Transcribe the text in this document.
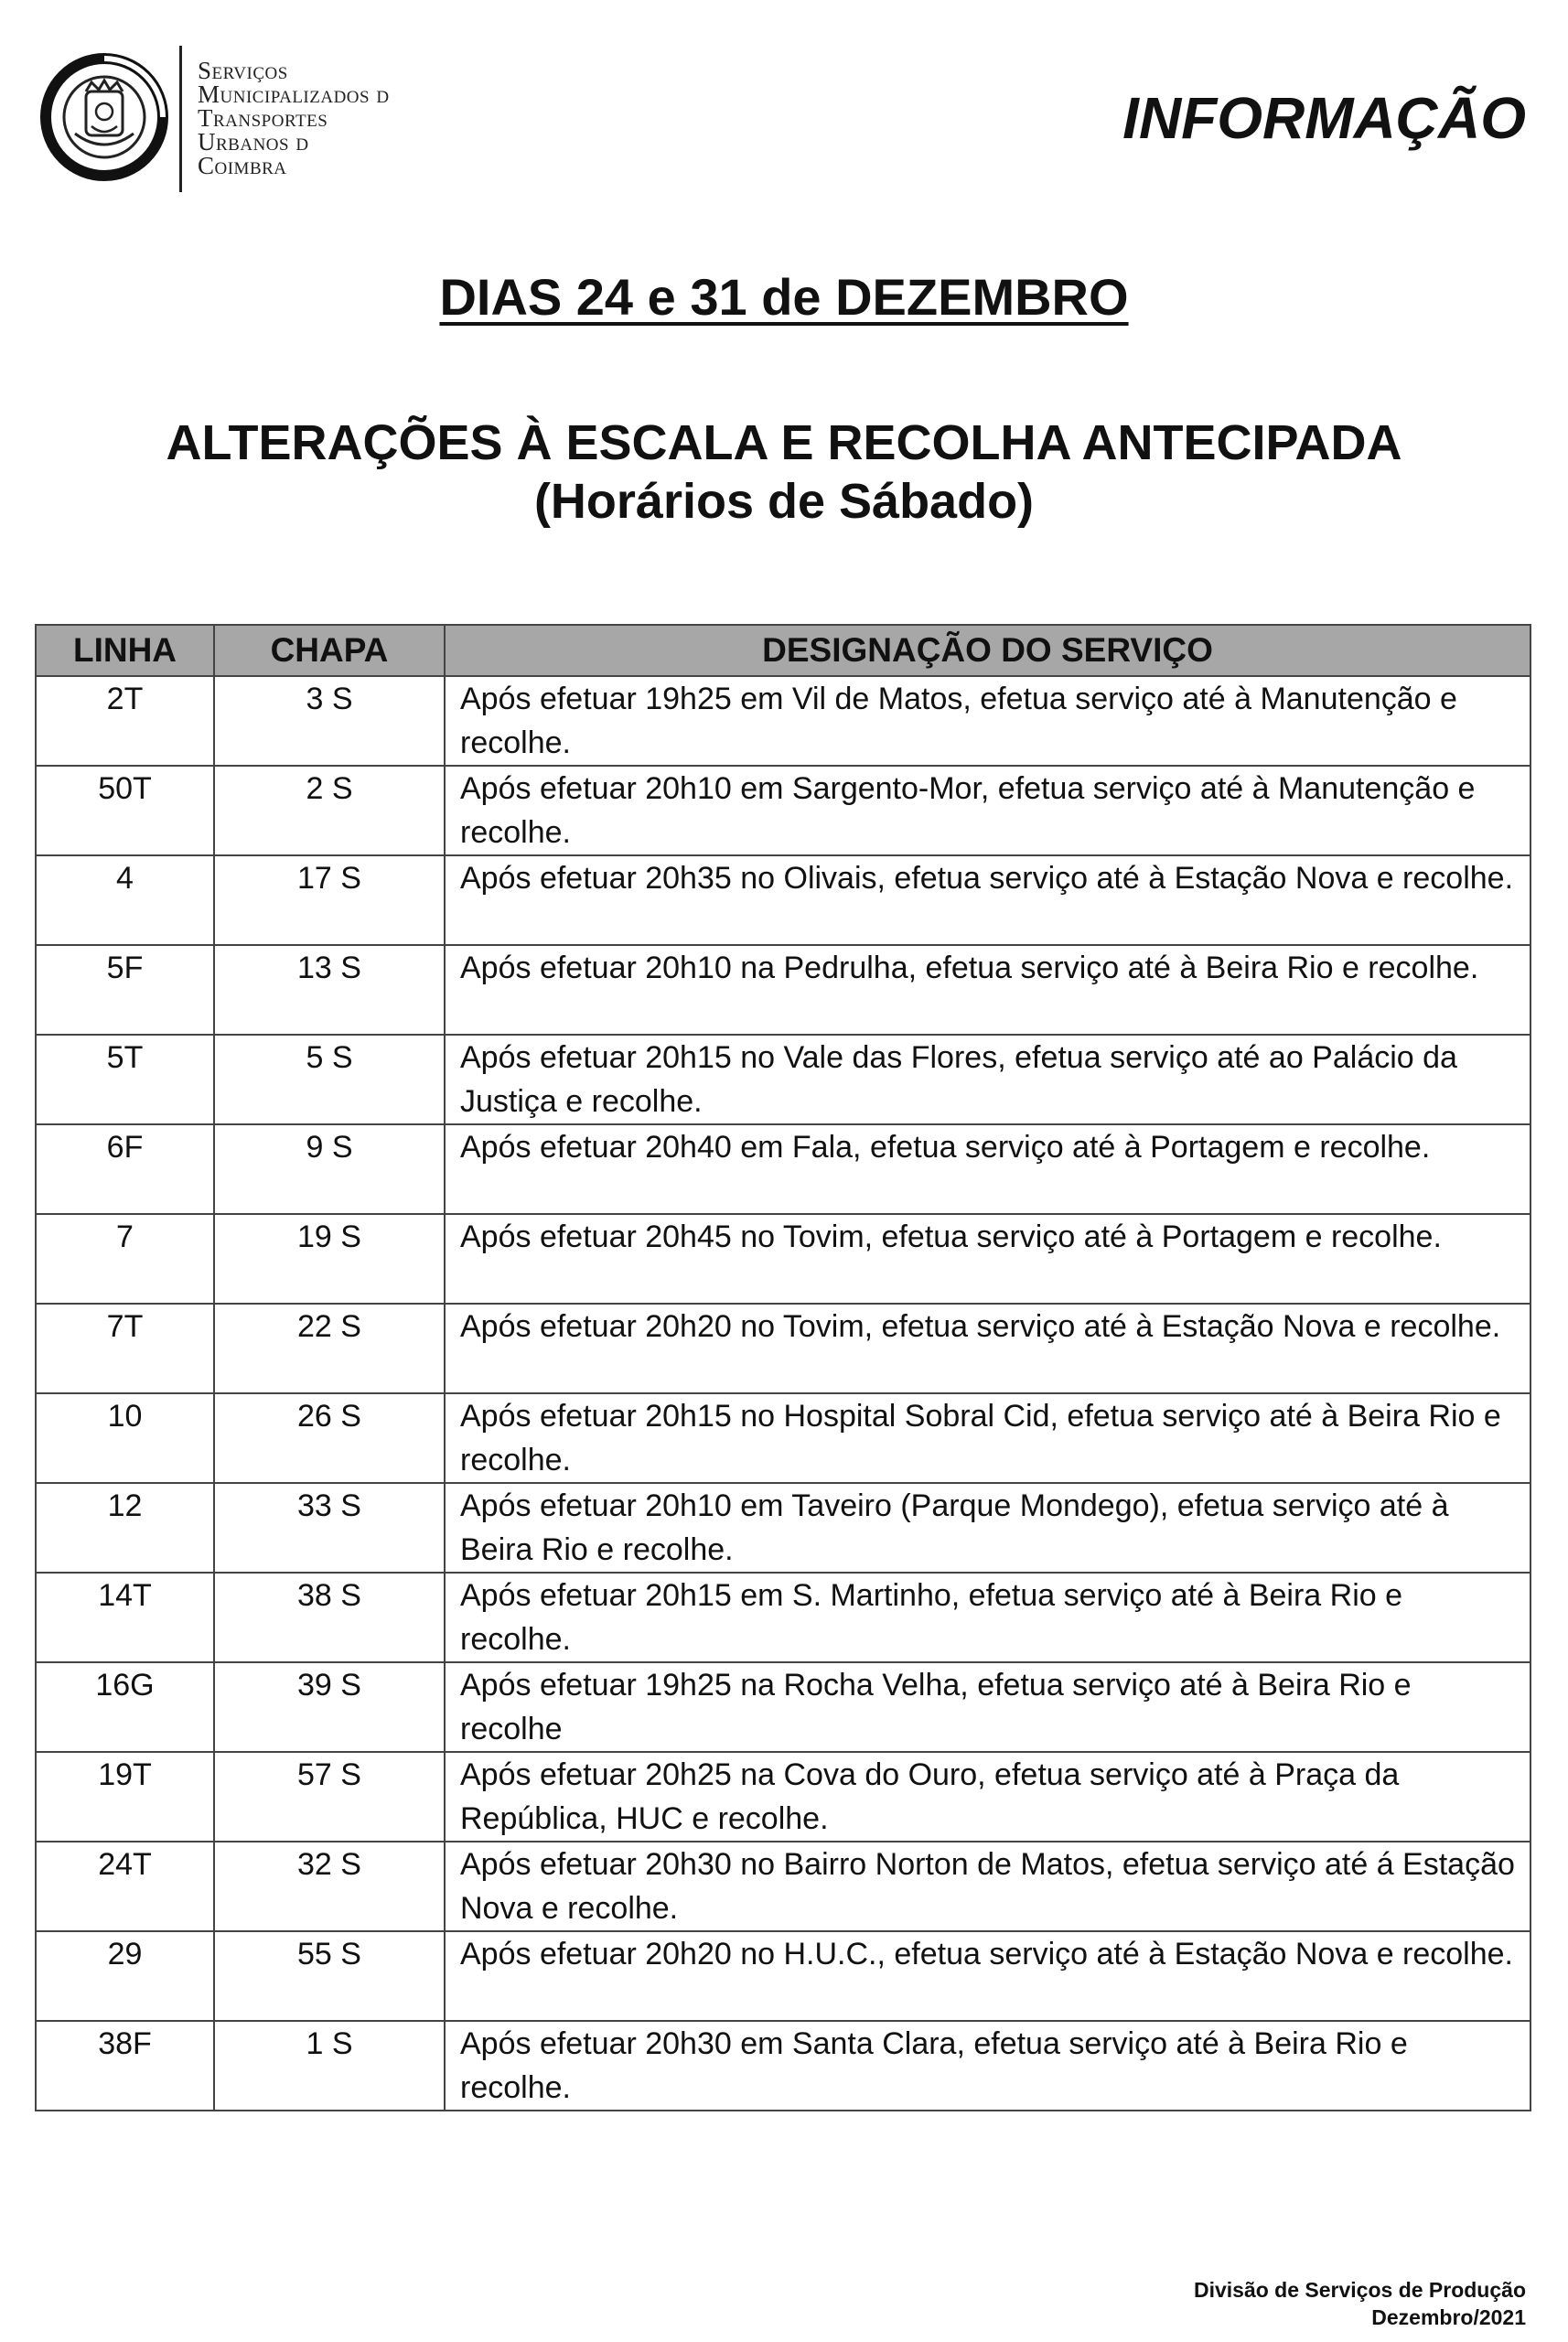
Serviços
Municipalizados d
Transportes
Urbanos d
Coimbra
INFORMAÇÃO
DIAS 24 e 31 de DEZEMBRO
ALTERAÇÕES À ESCALA E RECOLHA ANTECIPADA
(Horários de Sábado)
LINHA	CHAPA	DESIGNAÇÃO DO SERVIÇO
2T	3 S	Após efetuar 19h25 em Vil de Matos, efetua serviço até à Manutenção e recolhe.
50T	2 S	Após efetuar 20h10 em Sargento-Mor, efetua serviço até à Manutenção e recolhe.
4	17 S	Após efetuar 20h35 no Olivais, efetua serviço até à Estação Nova e recolhe.
5F	13 S	Após efetuar 20h10 na Pedrulha, efetua serviço até à Beira Rio e recolhe.
5T	5 S	Após efetuar 20h15 no Vale das Flores, efetua serviço até ao Palácio da Justiça e recolhe.
6F	9 S	Após efetuar 20h40 em Fala, efetua serviço até à Portagem e recolhe.
7	19 S	Após efetuar 20h45 no Tovim, efetua serviço até à Portagem e recolhe.
7T	22 S	Após efetuar 20h20 no Tovim, efetua serviço até à Estação Nova e recolhe.
10	26 S	Após efetuar 20h15 no Hospital Sobral Cid, efetua serviço até à Beira Rio e recolhe.
12	33 S	Após efetuar 20h10 em Taveiro (Parque Mondego), efetua serviço até à Beira Rio e recolhe.
14T	38 S	Após efetuar 20h15 em S. Martinho, efetua serviço até à Beira Rio e recolhe.
16G	39 S	Após efetuar 19h25 na Rocha Velha, efetua serviço até à Beira Rio e recolhe
19T	57 S	Após efetuar 20h25 na Cova do Ouro, efetua serviço até à Praça da República, HUC e recolhe.
24T	32 S	Após efetuar 20h30 no Bairro Norton de Matos, efetua serviço até á Estação Nova e recolhe.
29	55 S	Após efetuar 20h20 no H.U.C., efetua serviço até à Estação Nova e recolhe.
38F	1 S	Após efetuar 20h30 em Santa Clara, efetua serviço até à Beira Rio e recolhe.
Divisão de Serviços de Produção
Dezembro/2021
